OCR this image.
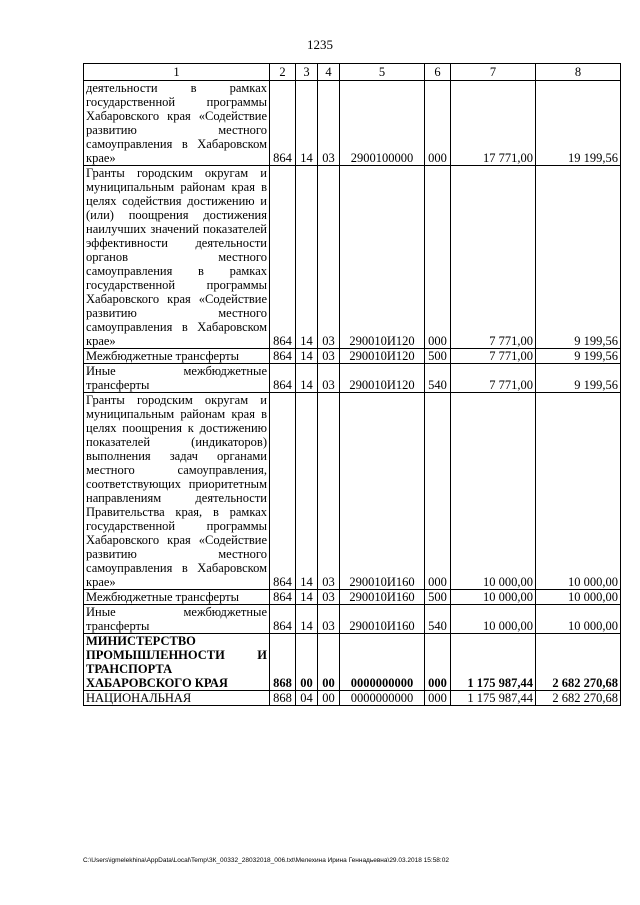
1235
1	2	3	4	5	6	7	8
деятельности в рамках государственной программы Хабаровского края «Содействие развитию местного самоуправления в Хабаровском крае»	864	14	03	2900100000	000	17 771,00	19 199,56
Гранты городским округам и муниципальным районам края в целях содействия достижению и (или) поощрения достижения наилучших значений показателей эффективности деятельности органов местного самоуправления в рамках государственной программы Хабаровского края «Содействие развитию местного самоуправления в Хабаровском крае»	864	14	03	290010И120	000	7 771,00	9 199,56
Межбюджетные трансферты	864	14	03	290010И120	500	7 771,00	9 199,56
Иные межбюджетные трансферты	864	14	03	290010И120	540	7 771,00	9 199,56
Гранты городским округам и муниципальным районам края в целях поощрения к достижению показателей (индикаторов) выполнения задач органами местного самоуправления, соответствующих приоритетным направлениям деятельности Правительства края, в рамках государственной программы Хабаровского края «Содействие развитию местного самоуправления в Хабаровском крае»	864	14	03	290010И160	000	10 000,00	10 000,00
Межбюджетные трансферты	864	14	03	290010И160	500	10 000,00	10 000,00
Иные межбюджетные трансферты	864	14	03	290010И160	540	10 000,00	10 000,00
МИНИСТЕРСТВО ПРОМЫШЛЕННОСТИ И ТРАНСПОРТА ХАБАРОВСКОГО КРАЯ	868	00	00	0000000000	000	1 175 987,44	2 682 270,68
НАЦИОНАЛЬНАЯ	868	04	00	0000000000	000	1 175 987,44	2 682 270,68
C:\Users\igmelekhina\AppData\Local\Temp\ЗК_00332_28032018_006.txt\Мелехина Ирина Геннадьевна\29.03.2018 15:58:02
